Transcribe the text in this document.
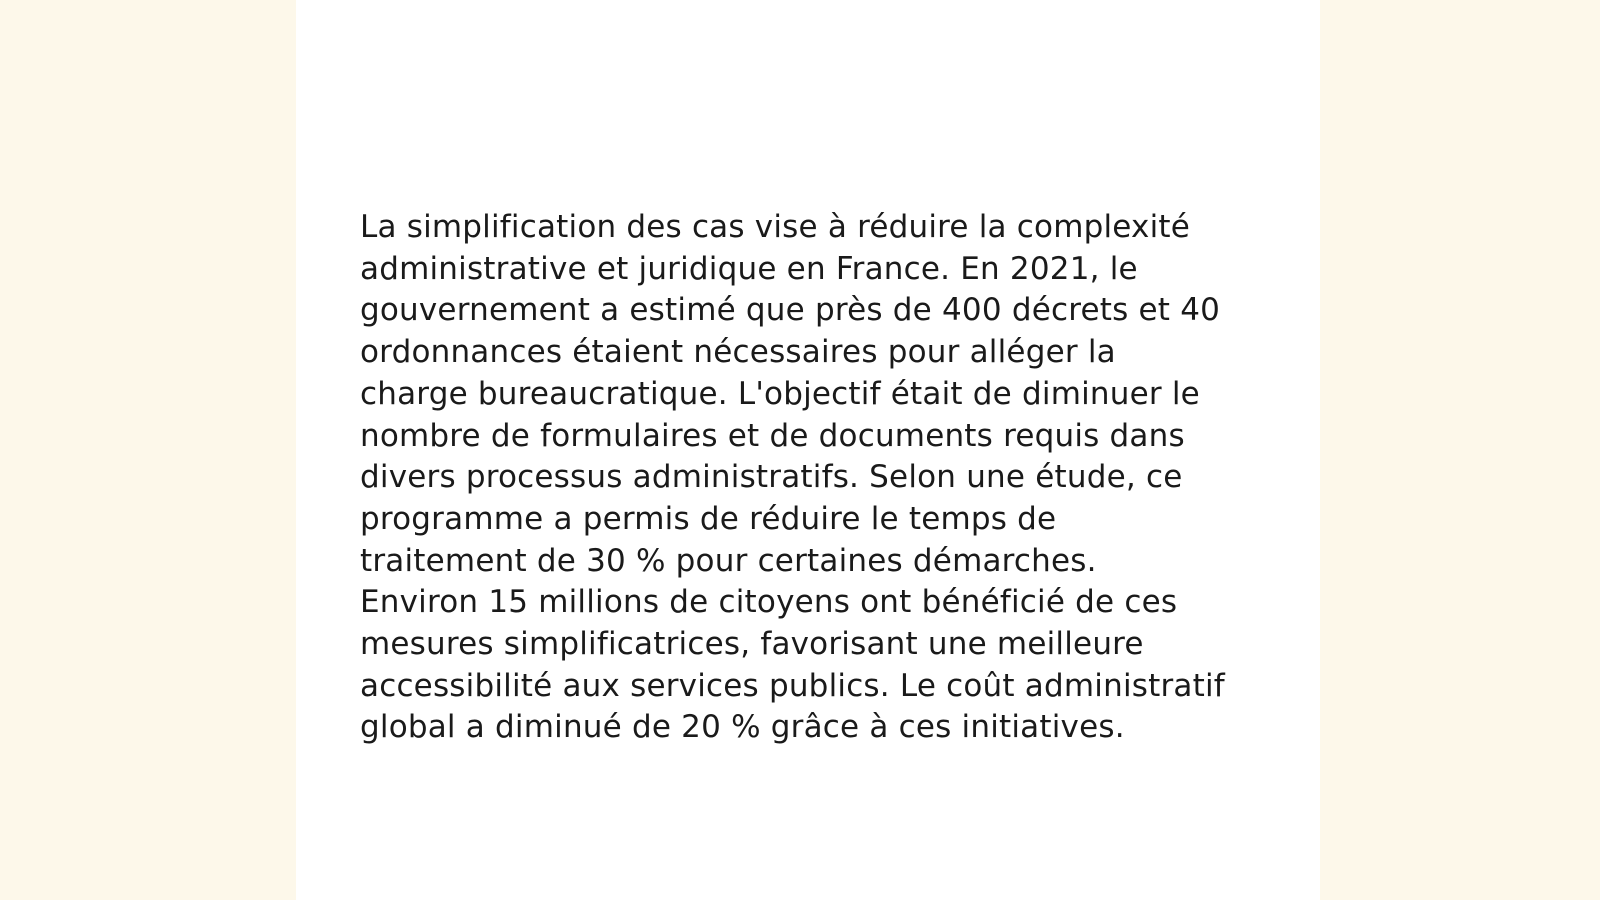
La simplification des cas vise à réduire la complexité
administrative et juridique en France. En 2021, le
gouvernement a estimé que près de 400 décrets et 40
ordonnances étaient nécessaires pour alléger la
charge bureaucratique. L'objectif était de diminuer le
nombre de formulaires et de documents requis dans
divers processus administratifs. Selon une étude, ce
programme a permis de réduire le temps de
traitement de 30 % pour certaines démarches.
Environ 15 millions de citoyens ont bénéficié de ces
mesures simplificatrices, favorisant une meilleure
accessibilité aux services publics. Le coût administratif
global a diminué de 20 % grâce à ces initiatives.
